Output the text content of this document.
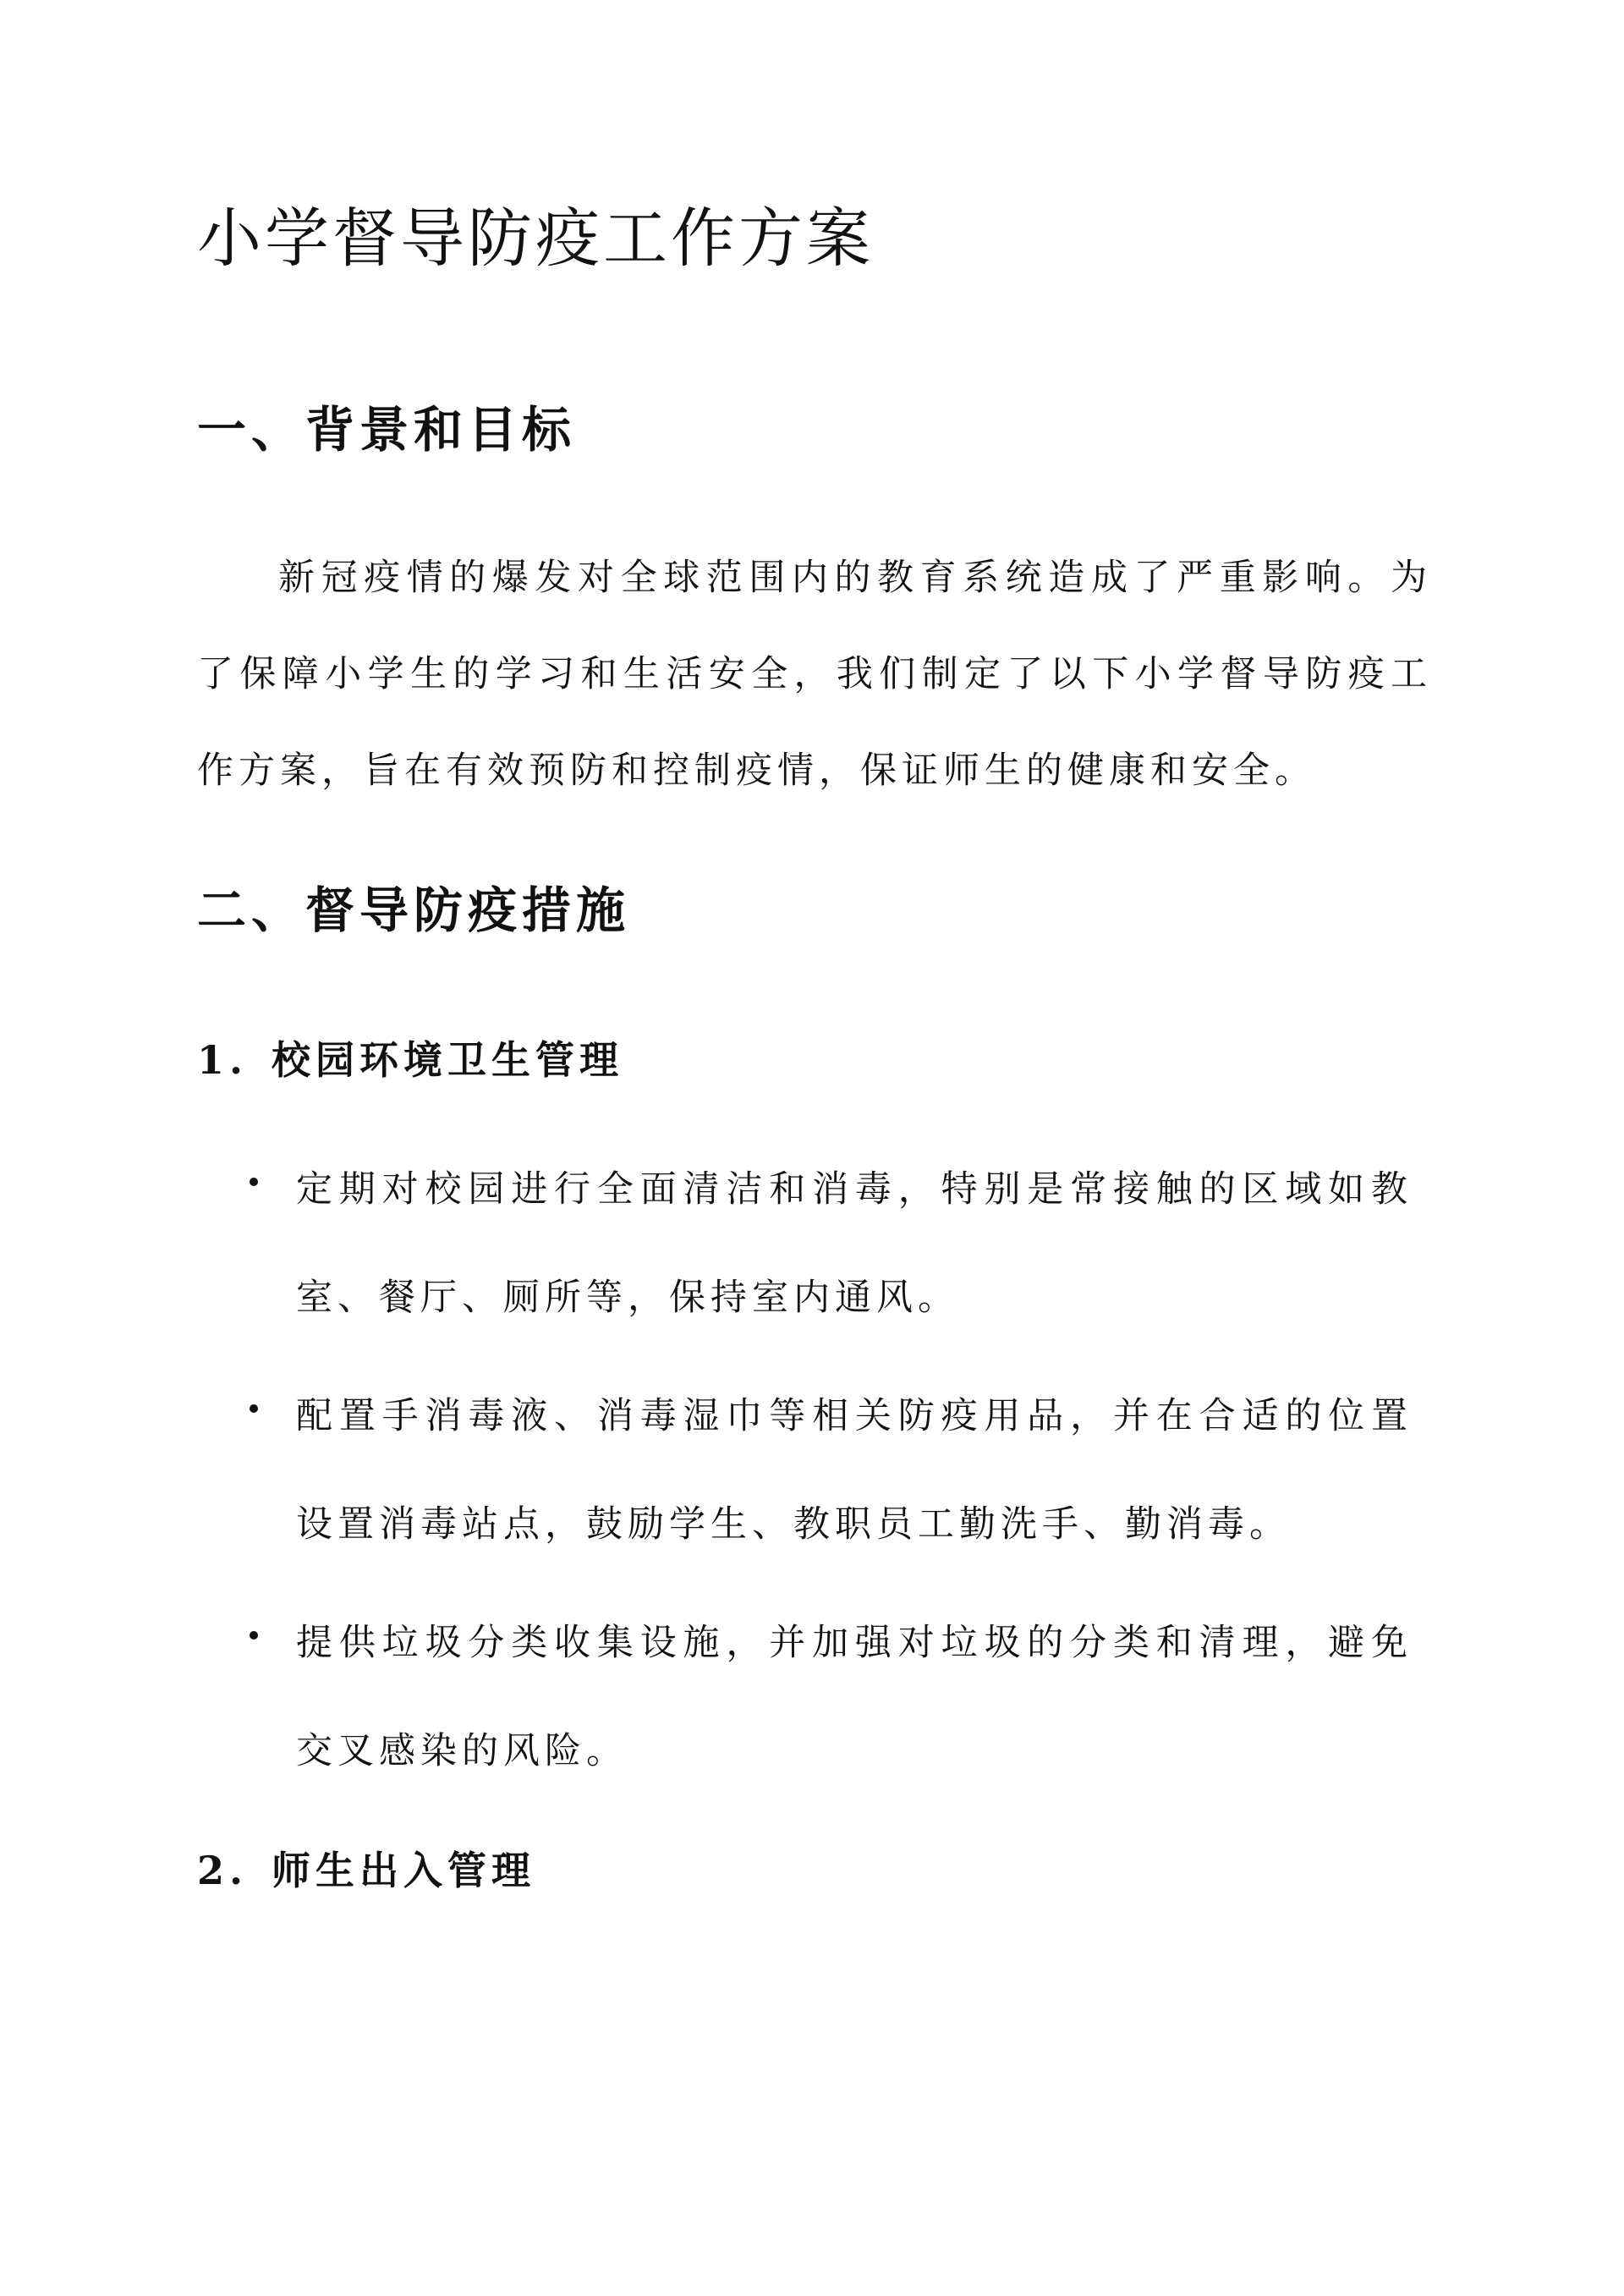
小学督导防疫工作方案
一、背景和目标

新冠疫情的爆发对全球范围内的教育系统造成了严重影响。为了保障小学生的学习和生活安全，我们制定了以下小学督导防疫工作方案，旨在有效预防和控制疫情，保证师生的健康和安全。

二、督导防疫措施
1. 校园环境卫生管理

定期对校园进行全面清洁和消毒，特别是常接触的区域如教室、餐厅、厕所等，保持室内通风。

配置手消毒液、消毒湿巾等相关防疫用品，并在合适的位置设置消毒站点，鼓励学生、教职员工勤洗手、勤消毒。

提供垃圾分类收集设施，并加强对垃圾的分类和清理，避免交叉感染的风险。

2. 师生出入管理
